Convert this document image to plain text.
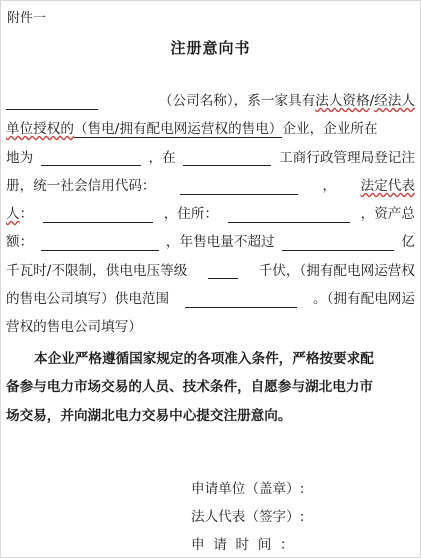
附件一
注册意向书
（公司名称），系一家具有法人资格/经法人
单位授权的（售电/拥有配电网运营权的售电）企业，企业所在
地为	，在	工商行政管理局登记注
册，统一社会信用代码：	， 法定代表
人：	，住所：	，资产总
额：	，年售电量不超过	亿
千瓦时/不限制，供电电压等级	千伏，（拥有配电网运营权
的售电公司填写）供电范围	。（拥有配电网运
营权的售电公司填写）
本企业严格遵循国家规定的各项准入条件，严格按要求配
备参与电力市场交易的人员、技术条件，自愿参与湖北电力市
场交易，并向湖北电力交易中心提交注册意向。
申请单位（盖章）:
法人代表（签字）:
申  请  时  间  ：
